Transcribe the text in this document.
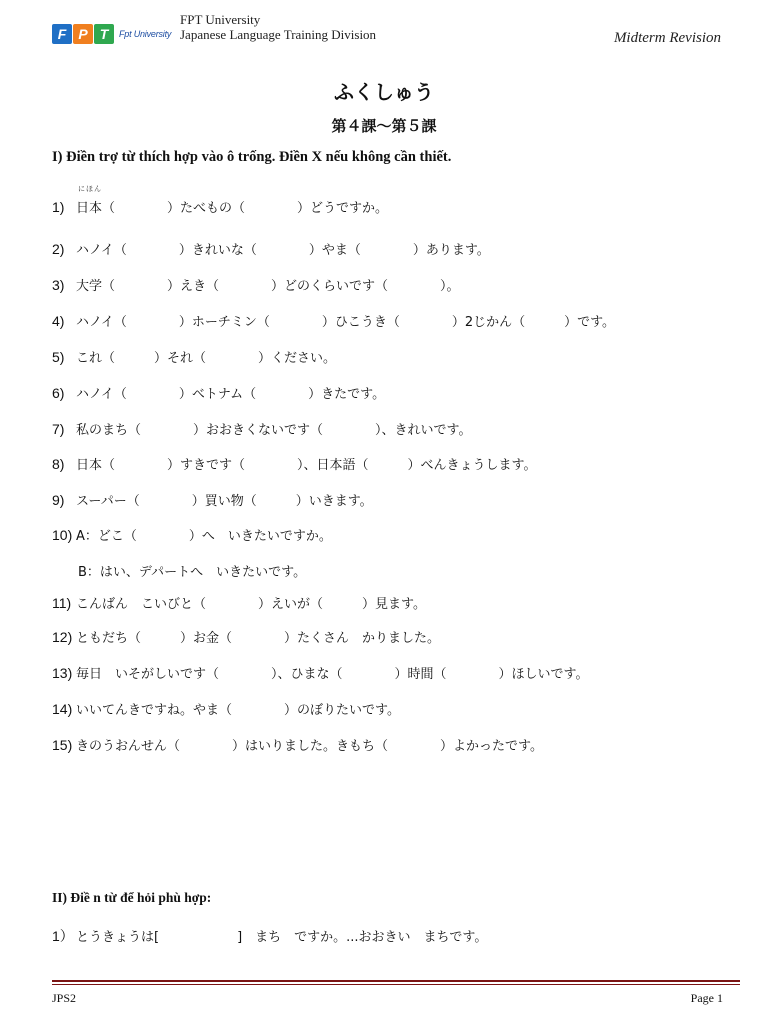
F P T	Fpt University
FPT University
Japanese Language Training Division	Midterm Revision
ふくしゅう
第４課～第５課
I) Điền trợ từ thích hợp vào ô trống. Điền X nếu không cần thiết.
1) 日本（　　　　）たべもの（　　　　）どうですか。
にほん
2) ハノイ（　　　　）きれいな（　　　　）やま（　　　　）あります。
3) 大学（　　　　）えき（　　　　）どのくらいです（　　　　）。
4) ハノイ（　　　　）ホーチミン（　　　　）ひこうき（　　　　）2じかん（　　　）です。
5) これ（　　　）それ（　　　　）ください。
6) ハノイ（　　　　）ベトナム（　　　　）きたです。
7) 私のまち（　　　　）おおきくないです（　　　　）、きれいです。
8) 日本（　　　　）すきです（　　　　）、日本語（　　　）べんきょうします。
9) スーパー（　　　　）買い物（　　　）いきます。
10) A：どこ（　　　　）へ　いきたいですか。
B：はい、デパートへ　いきたいです。
11) こんばん　こいびと（　　　　）えいが（　　　）見ます。
12) ともだち（　　　）お金（　　　　）たくさん　かりました。
13) 毎日　いそがしいです（　　　　）、ひまな（　　　　）時間（　　　　）ほしいです。
14) いいてんきですね。やま（　　　　）のぼりたいです。
15) きのうおんせん（　　　　）はいりました。きもち（　　　　）よかったです。
II) Điề n từ để hỏi phù hợp:
1） とうきょうは[　　　　　　]　まち　ですか。...おおきい　まちです。
JPS2	Page 1
